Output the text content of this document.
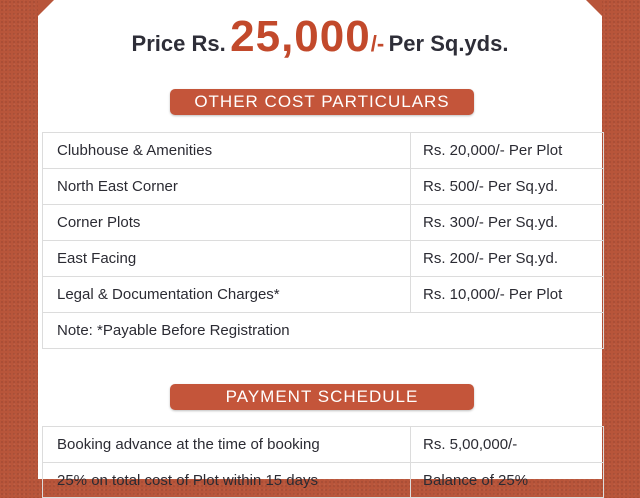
Price Rs. 25,000/- Per Sq.yds.
OTHER COST PARTICULARS
Clubhouse & Amenities	Rs. 20,000/- Per Plot
North East Corner	Rs. 500/- Per Sq.yd.
Corner Plots	Rs. 300/- Per Sq.yd.
East Facing	Rs. 200/- Per Sq.yd.
Legal & Documentation Charges*	Rs. 10,000/- Per Plot
Note: *Payable Before Registration	
PAYMENT SCHEDULE
Booking advance at the time of booking	Rs. 5,00,000/-
25% on total cost of Plot within 15 days	Balance of 25%
